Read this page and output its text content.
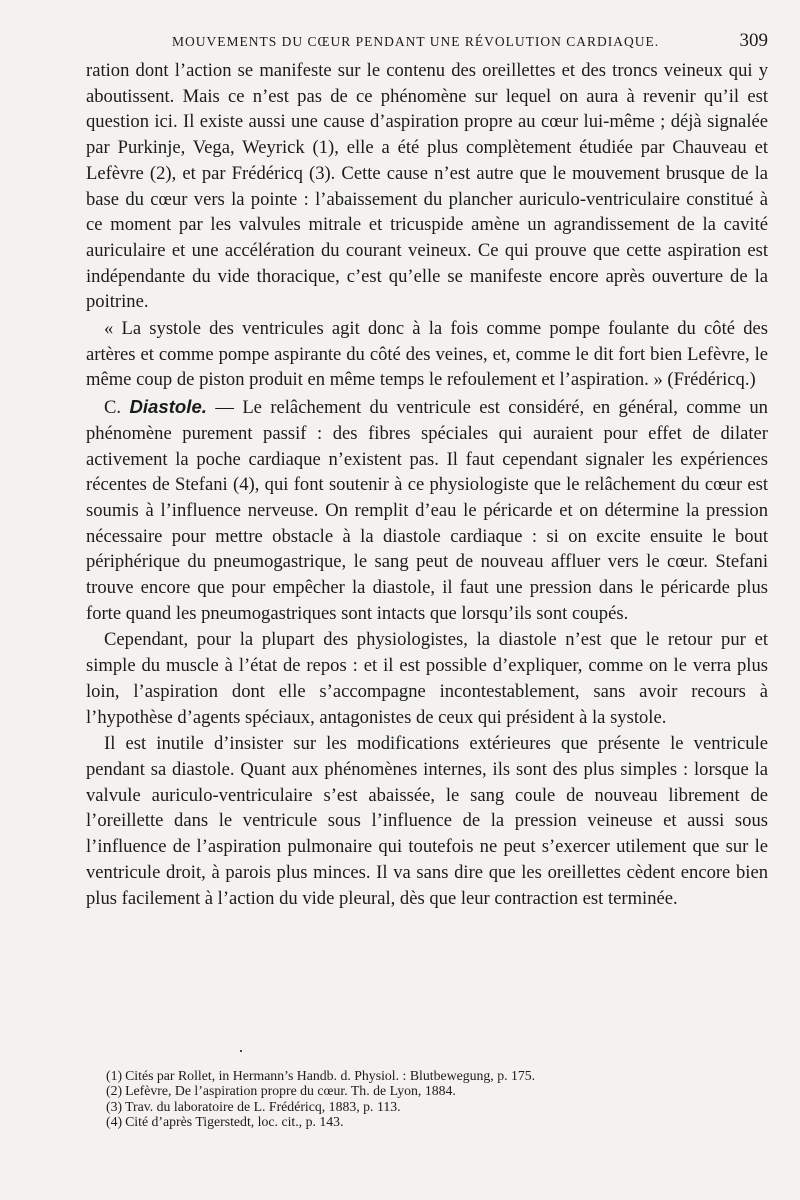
MOUVEMENTS DU CŒUR PENDANT UNE RÉVOLUTION CARDIAQUE.	309

ration dont l’action se manifeste sur le contenu des oreillettes et des troncs veineux qui y aboutissent. Mais ce n’est pas de ce phénomène sur lequel on aura à revenir qu’il est question ici. Il existe aussi une cause d’aspiration propre au cœur lui-même ; déjà signalée par Purkinje, Vega, Weyrick (1), elle a été plus complètement étudiée par Chauveau et Lefèvre (2), et par Frédéricq (3). Cette cause n’est autre que le mouvement brusque de la base du cœur vers la pointe : l’abaissement du plancher auriculo-ventriculaire constitué à ce moment par les valvules mitrale et tricuspide amène un agrandissement de la cavité auriculaire et une accélération du courant veineux. Ce qui prouve que cette aspiration est indépendante du vide thoracique, c’est qu’elle se manifeste encore après ouverture de la poitrine.

« La systole des ventricules agit donc à la fois comme pompe foulante du côté des artères et comme pompe aspirante du côté des veines, et, comme le dit fort bien Lefèvre, le même coup de piston produit en même temps le refoulement et l’aspiration. » (Frédéricq.)

C. Diastole. — Le relâchement du ventricule est considéré, en général, comme un phénomène purement passif : des fibres spéciales qui auraient pour effet de dilater activement la poche cardiaque n’existent pas. Il faut cependant signaler les expériences récentes de Stefani (4), qui font soutenir à ce physiologiste que le relâchement du cœur est soumis à l’influence nerveuse. On remplit d’eau le péricarde et on détermine la pression nécessaire pour mettre obstacle à la diastole cardiaque : si on excite ensuite le bout périphérique du pneumogastrique, le sang peut de nouveau affluer vers le cœur. Stefani trouve encore que pour empêcher la diastole, il faut une pression dans le péricarde plus forte quand les pneumogastriques sont intacts que lorsqu’ils sont coupés.

Cependant, pour la plupart des physiologistes, la diastole n’est que le retour pur et simple du muscle à l’état de repos : et il est possible d’expliquer, comme on le verra plus loin, l’aspiration dont elle s’accompagne incontestablement, sans avoir recours à l’hypothèse d’agents spéciaux, antagonistes de ceux qui président à la systole.

Il est inutile d’insister sur les modifications extérieures que présente le ventricule pendant sa diastole. Quant aux phénomènes internes, ils sont des plus simples : lorsque la valvule auriculo-ventriculaire s’est abaissée, le sang coule de nouveau librement de l’oreillette dans le ventricule sous l’influence de la pression veineuse et aussi sous l’influence de l’aspiration pulmonaire qui toutefois ne peut s’exercer utilement que sur le ventricule droit, à parois plus minces. Il va sans dire que les oreillettes cèdent encore bien plus facilement à l’action du vide pleural, dès que leur contraction est terminée.

(1) Cités par Rollet, in Hermann’s Handb. d. Physiol. : Blutbewegung, p. 175.
(2) Lefèvre, De l’aspiration propre du cœur. Th. de Lyon, 1884.
(3) Trav. du laboratoire de L. Frédéricq, 1883, p. 113.
(4) Cité d’après Tigerstedt, loc. cit., p. 143.
